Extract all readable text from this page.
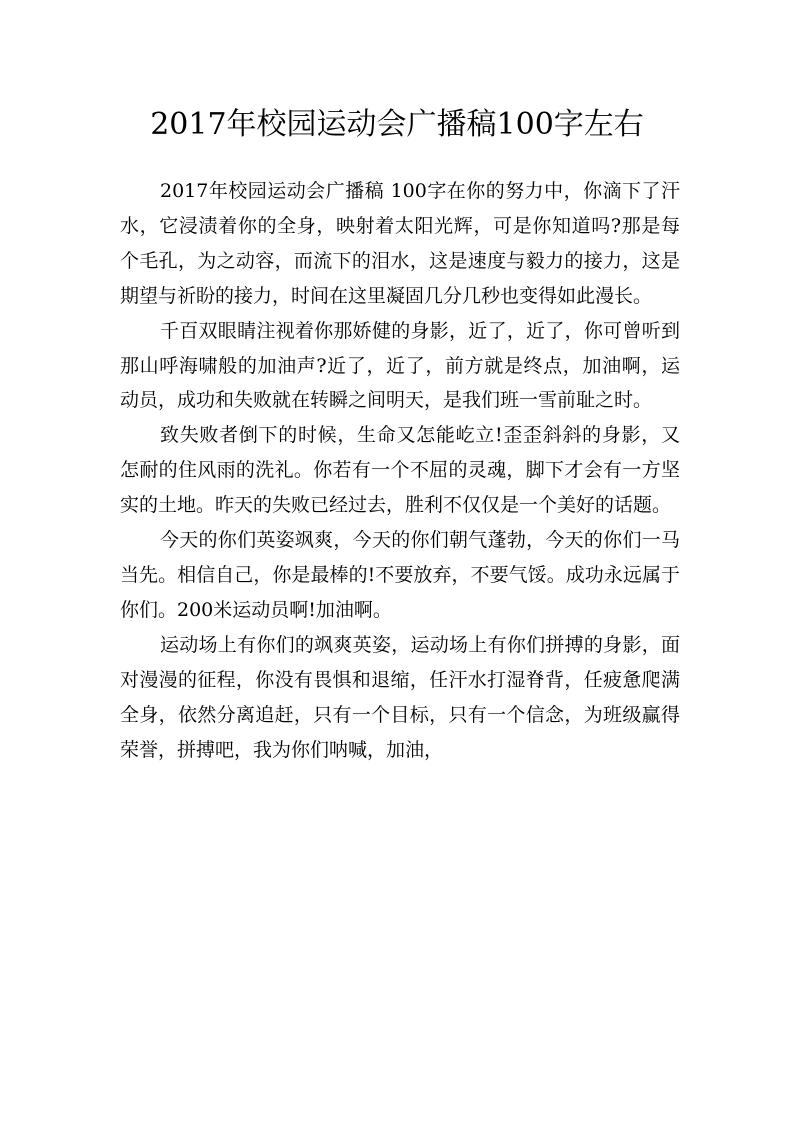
2017年校园运动会广播稿100字左右

2017年校园运动会广播稿 100字在你的努力中，你滴下了汗水，它浸渍着你的全身，映射着太阳光辉，可是你知道吗?那是每个毛孔，为之动容，而流下的泪水，这是速度与毅力的接力，这是期望与祈盼的接力，时间在这里凝固几分几秒也变得如此漫长。

千百双眼睛注视着你那娇健的身影，近了，近了，你可曾听到那山呼海啸般的加油声?近了，近了，前方就是终点，加油啊，运动员，成功和失败就在转瞬之间明天，是我们班一雪前耻之时。

致失败者倒下的时候，生命又怎能屹立!歪歪斜斜的身影，又怎耐的住风雨的洗礼。你若有一个不屈的灵魂，脚下才会有一方坚实的土地。昨天的失败已经过去，胜利不仅仅是一个美好的话题。

今天的你们英姿飒爽，今天的你们朝气蓬勃，今天的你们一马当先。相信自己，你是最棒的!不要放弃，不要气馁。成功永远属于你们。200米运动员啊!加油啊。

运动场上有你们的飒爽英姿，运动场上有你们拼搏的身影，面对漫漫的征程，你没有畏惧和退缩，任汗水打湿脊背，任疲惫爬满全身，依然分离追赶，只有一个目标，只有一个信念，为班级赢得荣誉，拼搏吧，我为你们呐喊，加油，
